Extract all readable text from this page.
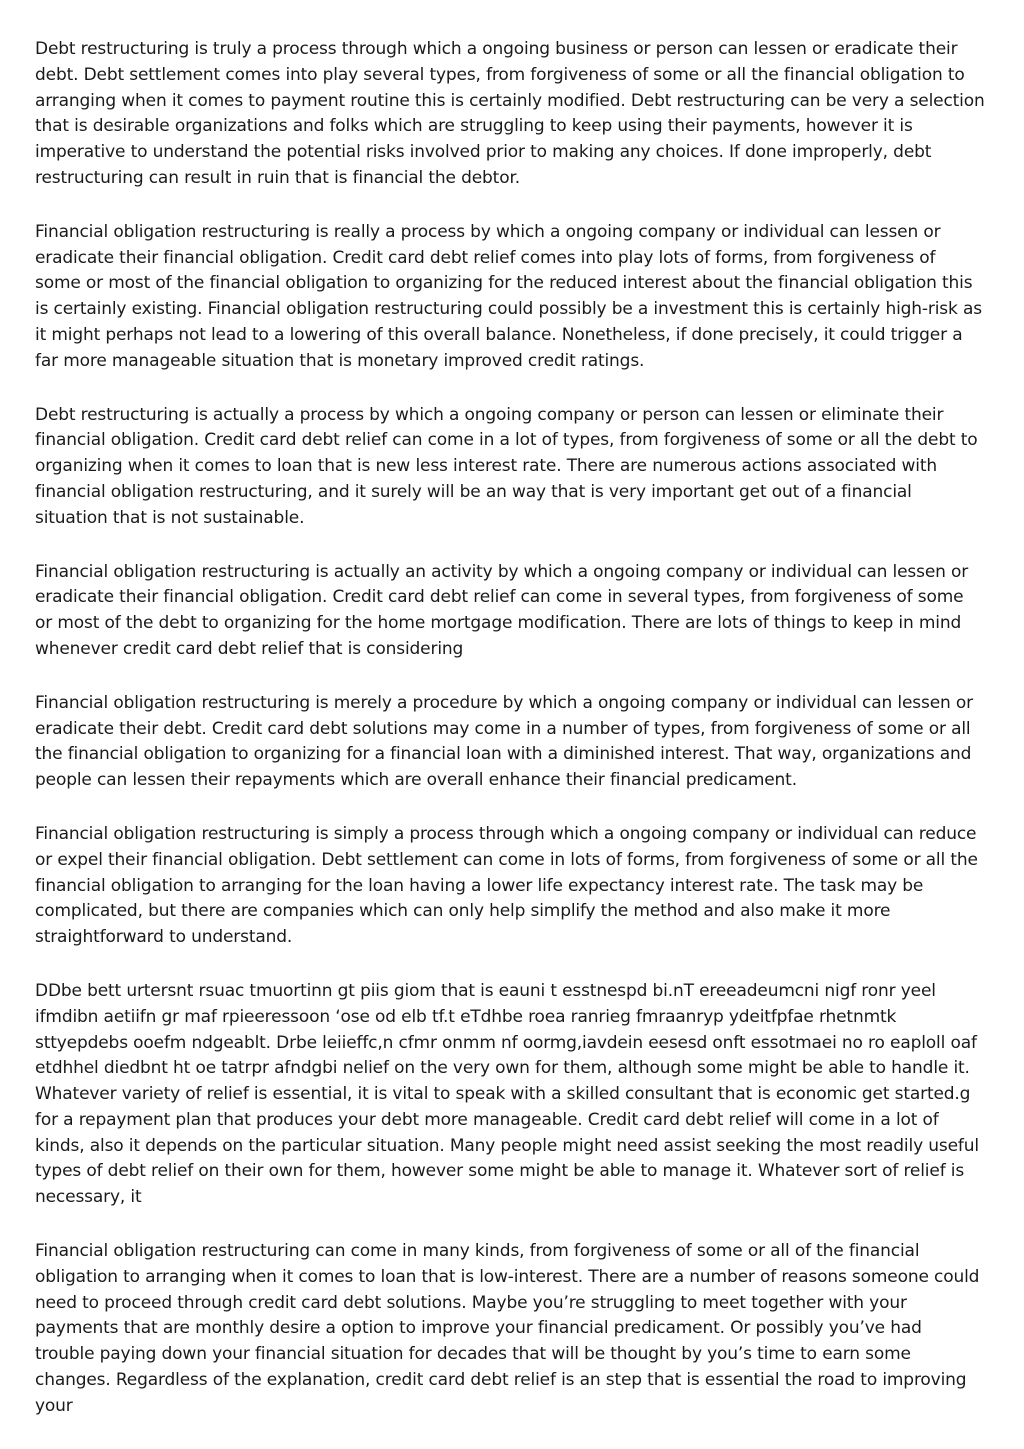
Debt restructuring is truly a process through which a ongoing business or person can lessen or eradicate their debt. Debt settlement comes into play several types, from forgiveness of some or all the financial obligation to arranging when it comes to payment routine this is certainly modified. Debt restructuring can be very a selection that is desirable organizations and folks which are struggling to keep using their payments, however it is imperative to understand the potential risks involved prior to making any choices. If done improperly, debt restructuring can result in ruin that is financial the debtor.

Financial obligation restructuring is really a process by which a ongoing company or individual can lessen or eradicate their financial obligation. Credit card debt relief comes into play lots of forms, from forgiveness of some or most of the financial obligation to organizing for the reduced interest about the financial obligation this is certainly existing. Financial obligation restructuring could possibly be a investment this is certainly high-risk as it might perhaps not lead to a lowering of this overall balance. Nonetheless, if done precisely, it could trigger a far more manageable situation that is monetary improved credit ratings.

Debt restructuring is actually a process by which a ongoing company or person can lessen or eliminate their financial obligation. Credit card debt relief can come in a lot of types, from forgiveness of some or all the debt to organizing when it comes to loan that is new less interest rate. There are numerous actions associated with financial obligation restructuring, and it surely will be an way that is very important get out of a financial situation that is not sustainable.

Financial obligation restructuring is actually an activity by which a ongoing company or individual can lessen or eradicate their financial obligation. Credit card debt relief can come in several types, from forgiveness of some or most of the debt to organizing for the home mortgage modification. There are lots of things to keep in mind whenever credit card debt relief that is considering

Financial obligation restructuring is merely a procedure by which a ongoing company or individual can lessen or eradicate their debt. Credit card debt solutions may come in a number of types, from forgiveness of some or all the financial obligation to organizing for a financial loan with a diminished interest. That way, organizations and people can lessen their repayments which are overall enhance their financial predicament.

Financial obligation restructuring is simply a process through which a ongoing company or individual can reduce or expel their financial obligation. Debt settlement can come in lots of forms, from forgiveness of some or all the financial obligation to arranging for the loan having a lower life expectancy interest rate. The task may be complicated, but there are companies which can only help simplify the method and also make it more straightforward to understand.

DDbe bett urtersnt rsuac tmuortinn gt piis giom that is eauni t esstnespd bi.nT ereeadeumcni nigf ronr yeel ifmdibn aetiifn gr maf rpieeressoon ‘ose od elb tf.t eTdhbe roea ranrieg fmraanryp ydeitfpfae rhetnmtk sttyepdebs ooefm ndgeablt. Drbe leiieffc,n cfmr onmm nf oormg,iavdein eesesd onft essotmaei no ro eaploll oaf etdhhel diedbnt ht oe tatrpr afndgbi nelief on the very own for them, although some might be able to handle it. Whatever variety of relief is essential, it is vital to speak with a skilled consultant that is economic get started.g for a repayment plan that produces your debt more manageable. Credit card debt relief will come in a lot of kinds, also it depends on the particular situation. Many people might need assist seeking the most readily useful types of debt relief on their own for them, however some might be able to manage it. Whatever sort of relief is necessary, it

Financial obligation restructuring can come in many kinds, from forgiveness of some or all of the financial obligation to arranging when it comes to loan that is low-interest. There are a number of reasons someone could need to proceed through credit card debt solutions. Maybe you’re struggling to meet together with your payments that are monthly desire a option to improve your financial predicament. Or possibly you’ve had trouble paying down your financial situation for decades that will be thought by you’s time to earn some changes. Regardless of the explanation, credit card debt relief is an step that is essential the road to improving your
